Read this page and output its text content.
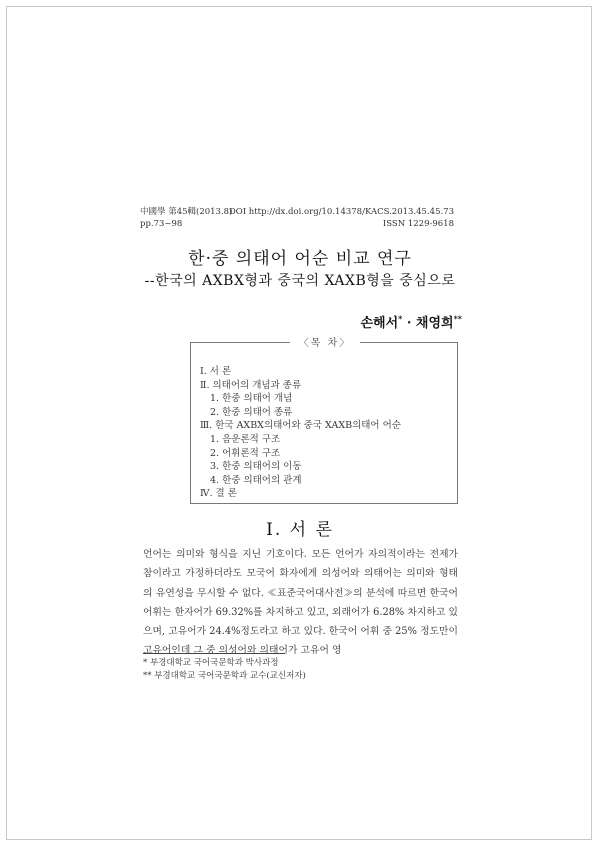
中國學 第45輯(2013.8)
pp.73~98
DOI http://dx.doi.org/10.14378/KACS.2013.45.45.73
ISSN 1229-9618
한·중 의태어 어순 비교 연구
--한국의 AXBX형과 중국의 XAXB형을 중심으로
손해서* · 채영희**
〈목 차〉
Ⅰ. 서 론
Ⅱ. 의태어의 개념과 종류
1. 한중 의태어 개념
2. 한중 의태어 종류
Ⅲ. 한국 AXBX의태어와 중국 XAXB의태어 어순
1. 음운론적 구조
2. 어휘론적 구조
3. 한중 의태어의 이동
4. 한중 의태어의 관계
Ⅳ. 결 론
Ⅰ. 서 론

언어는 의미와 형식을 지닌 기호이다. 모든 언어가 자의적이라는 전제가 참이라고 가정하더라도 모국어 화자에게 의성어와 의태어는 의미와 형태의 유연성을 무시할 수 없다. ≪표준국어대사전≫의 분석에 따르면 한국어 어휘는 한자어가 69.32%를 차지하고 있고, 외래어가 6.28% 차지하고 있으며, 고유어가 24.4%정도라고 하고 있다. 한국어 어휘 중 25% 정도만이 고유어인데 그 중 의성어와 의태어가 고유어 영

* 부경대학교 국어국문학과 박사과정
** 부경대학교 국어국문학과 교수(교신저자)
